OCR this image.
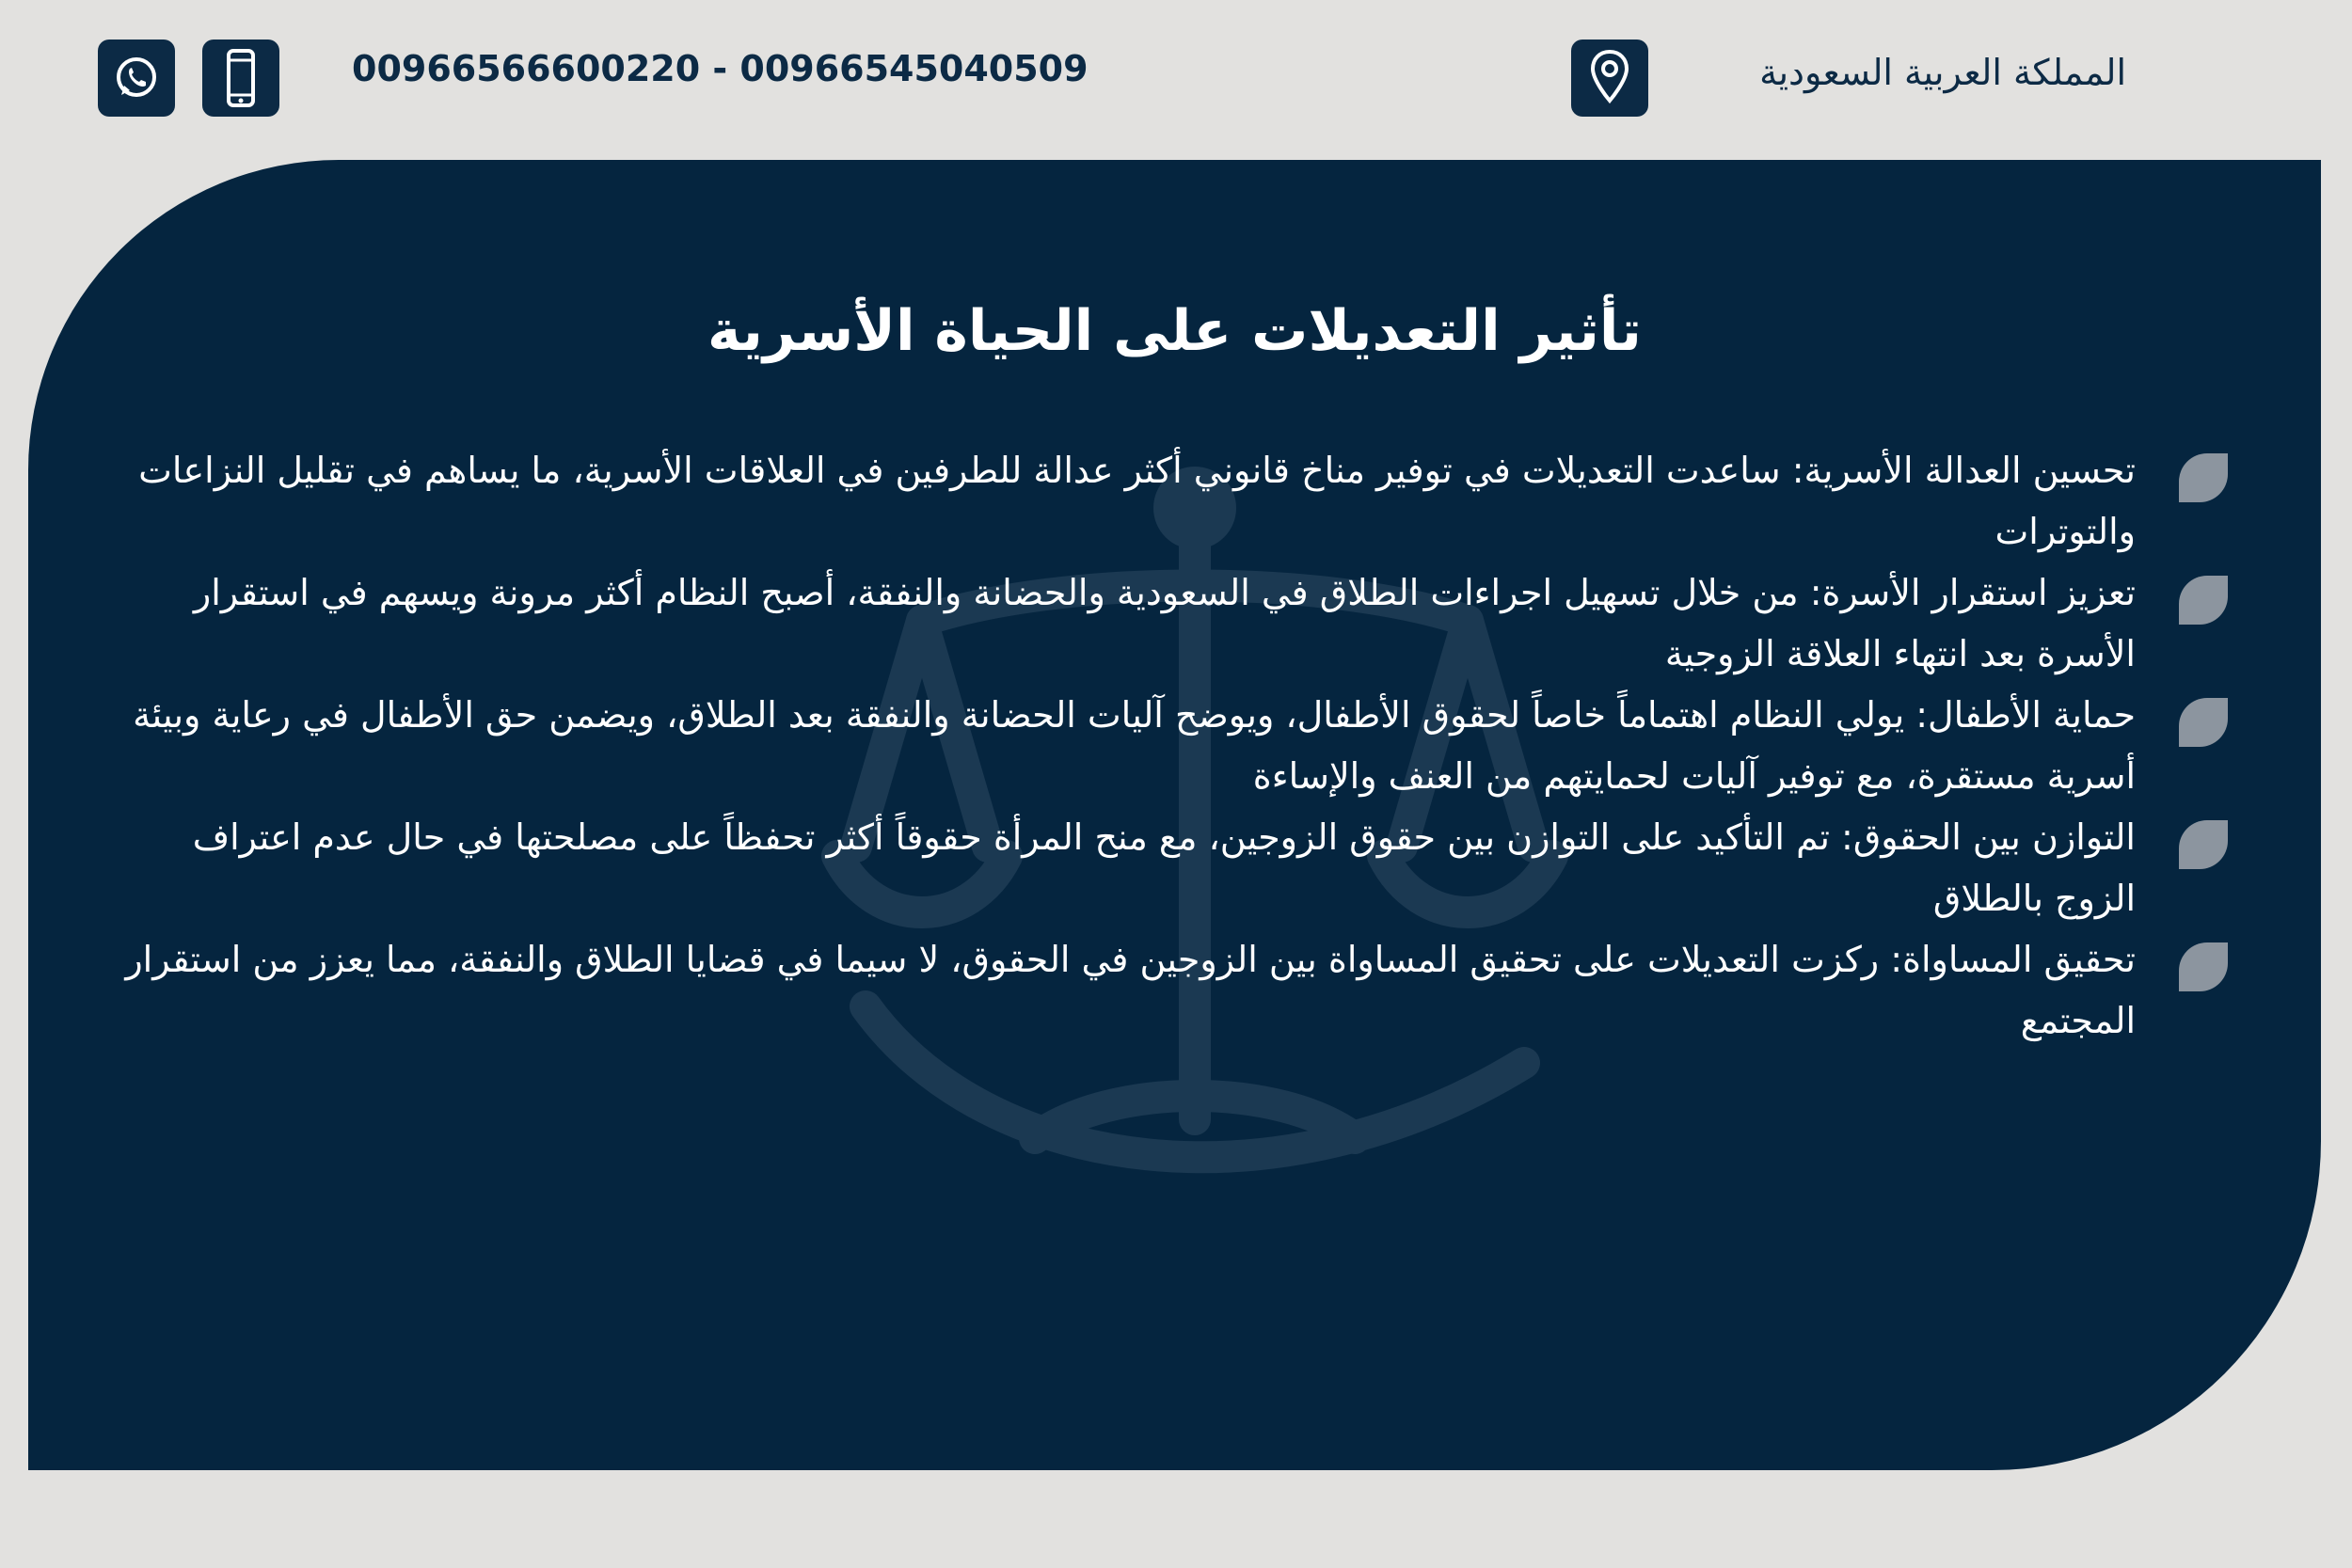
00966566600220 - 00966545040509	المملكة العربية السعودية
تأثير التعديلات على الحياة الأسرية
تحسين العدالة الأسرية: ساعدت التعديلات في توفير مناخ قانوني أكثر عدالة للطرفين في العلاقات الأسرية، ما يساهم في تقليل النزاعات والتوترات
تعزيز استقرار الأسرة: من خلال تسهيل اجراءات الطلاق في السعودية والحضانة والنفقة، أصبح النظام أكثر مرونة ويسهم في استقرار الأسرة بعد انتهاء العلاقة الزوجية
حماية الأطفال: يولي النظام اهتماماً خاصاً لحقوق الأطفال، ويوضح آليات الحضانة والنفقة بعد الطلاق، ويضمن حق الأطفال في رعاية وبيئة أسرية مستقرة، مع توفير آليات لحمايتهم من العنف والإساءة
التوازن بين الحقوق: تم التأكيد على التوازن بين حقوق الزوجين، مع منح المرأة حقوقاً أكثر تحفظاً على مصلحتها في حال عدم اعتراف الزوج بالطلاق
تحقيق المساواة: ركزت التعديلات على تحقيق المساواة بين الزوجين في الحقوق، لا سيما في قضايا الطلاق والنفقة، مما يعزز من استقرار المجتمع
